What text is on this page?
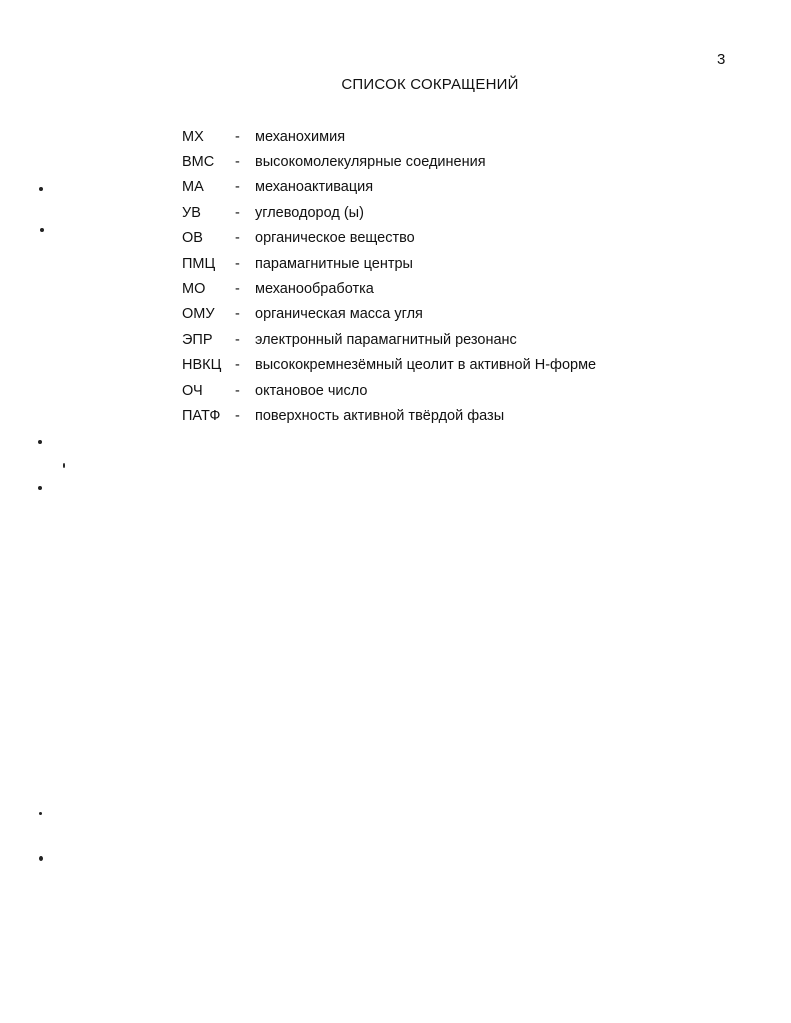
3
СПИСОК СОКРАЩЕНИЙ
МХ	-	механохимия
ВМС	-	высокомолекулярные соединения
МА	-	механоактивация
УВ	-	углеводород (ы)
ОВ	-	органическое вещество
ПМЦ	-	парамагнитные центры
МО	-	механообработка
ОМУ	-	органическая масса угля
ЭПР	-	электронный парамагнитный резонанс
НВКЦ -	высококремнезёмный цеолит в активной Н-форме
ОЧ	-	октановое число
ПАТФ	-	поверхность активной твёрдой фазы
